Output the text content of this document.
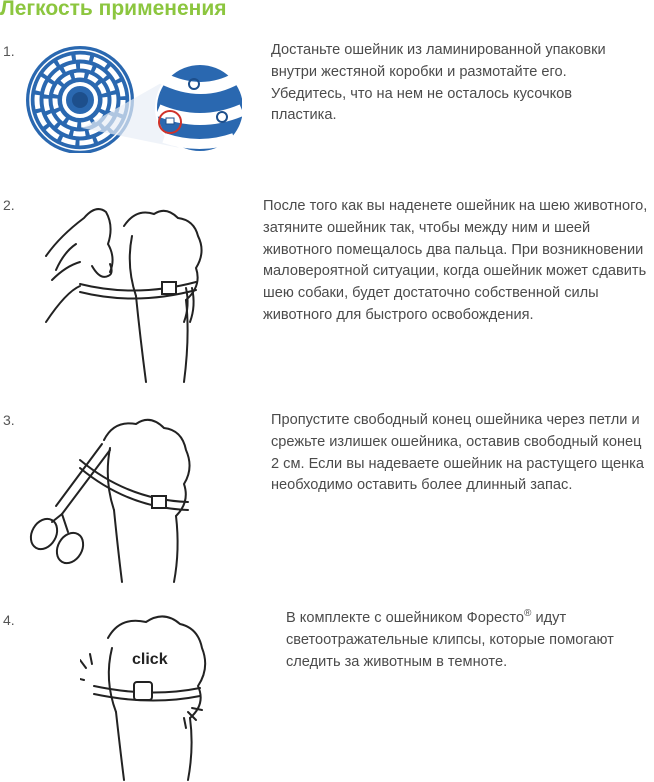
Легкость применения
1.	Достаньте ошейник из ламинированной упаковки внутри жестяной коробки и размотайте его. Убедитесь, что на нем не осталось кусочков пластика.
2.	После того как вы наденете ошейник на шею животного, затяните ошейник так, чтобы между ним и шеей животного помещалось два пальца. При возникновении маловероятной ситуации, когда ошейник может сдавить шею собаки, будет достаточно собственной силы животного для быстрого освобождения.
3.	Пропустите свободный конец ошейника через петли и срежьте излишек ошейника, оставив свободный конец 2 см. Если вы надеваете ошейник на растущего щенка необходимо оставить более длинный запас.
4.
click
В комплекте с ошейником Форесто® идут светоотражательные клипсы, которые помогают следить за животным в темноте.
